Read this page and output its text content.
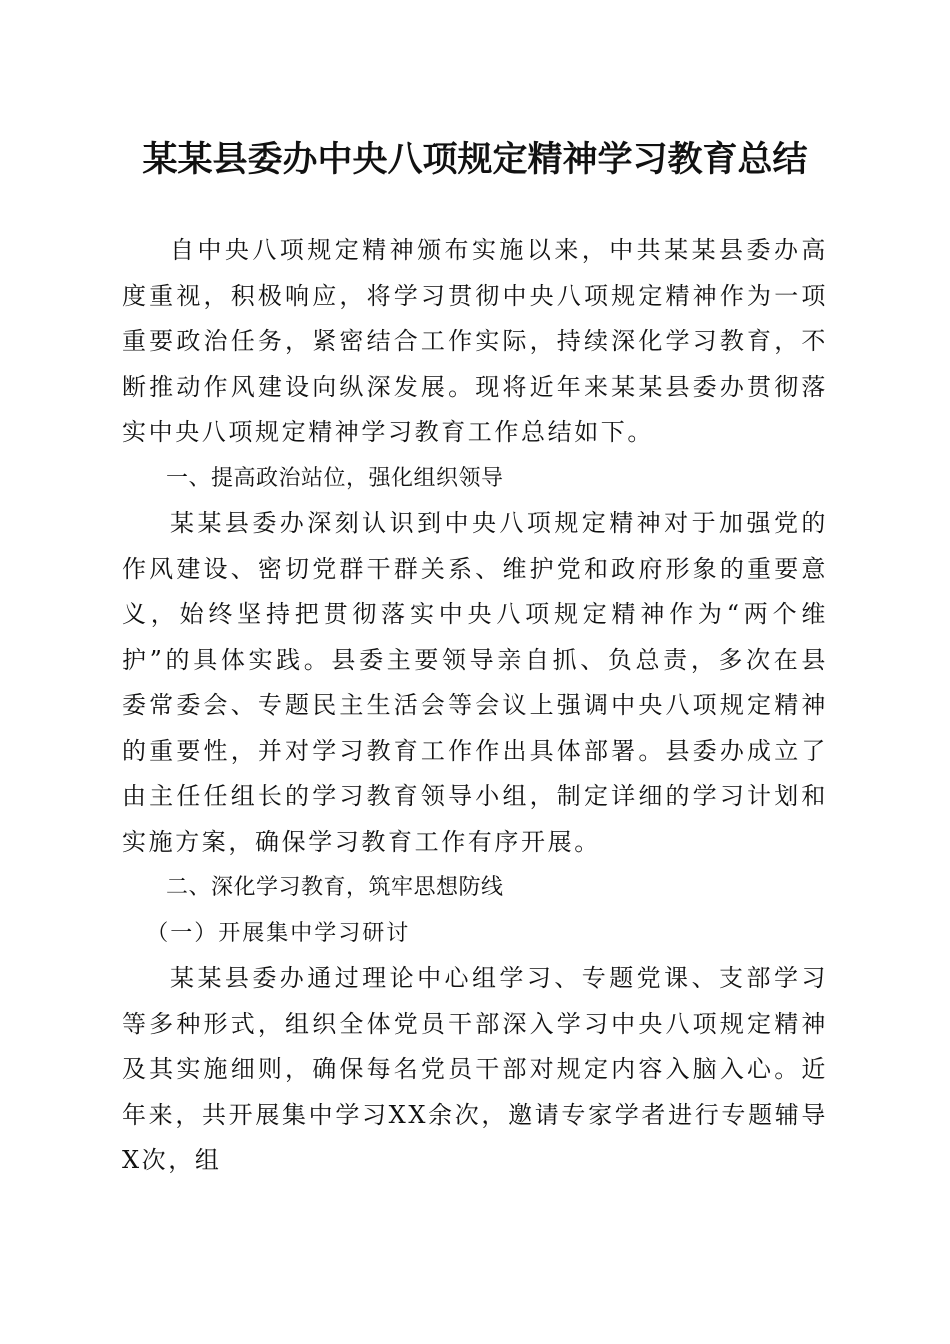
某某县委办中央八项规定精神学习教育总结

自中央八项规定精神颁布实施以来，中共某某县委办高度重视，积极响应，将学习贯彻中央八项规定精神作为一项重要政治任务，紧密结合工作实际，持续深化学习教育，不断推动作风建设向纵深发展。现将近年来某某县委办贯彻落实中央八项规定精神学习教育工作总结如下。

一、提高政治站位，强化组织领导

某某县委办深刻认识到中央八项规定精神对于加强党的作风建设、密切党群干群关系、维护党和政府形象的重要意义，始终坚持把贯彻落实中央八项规定精神作为“两个维护”的具体实践。县委主要领导亲自抓、负总责，多次在县委常委会、专题民主生活会等会议上强调中央八项规定精神的重要性，并对学习教育工作作出具体部署。县委办成立了由主任任组长的学习教育领导小组，制定详细的学习计划和实施方案，确保学习教育工作有序开展。

二、深化学习教育，筑牢思想防线

（一）开展集中学习研讨

某某县委办通过理论中心组学习、专题党课、支部学习等多种形式，组织全体党员干部深入学习中央八项规定精神及其实施细则，确保每名党员干部对规定内容入脑入心。近年来，共开展集中学习XX余次，邀请专家学者进行专题辅导X次，组
